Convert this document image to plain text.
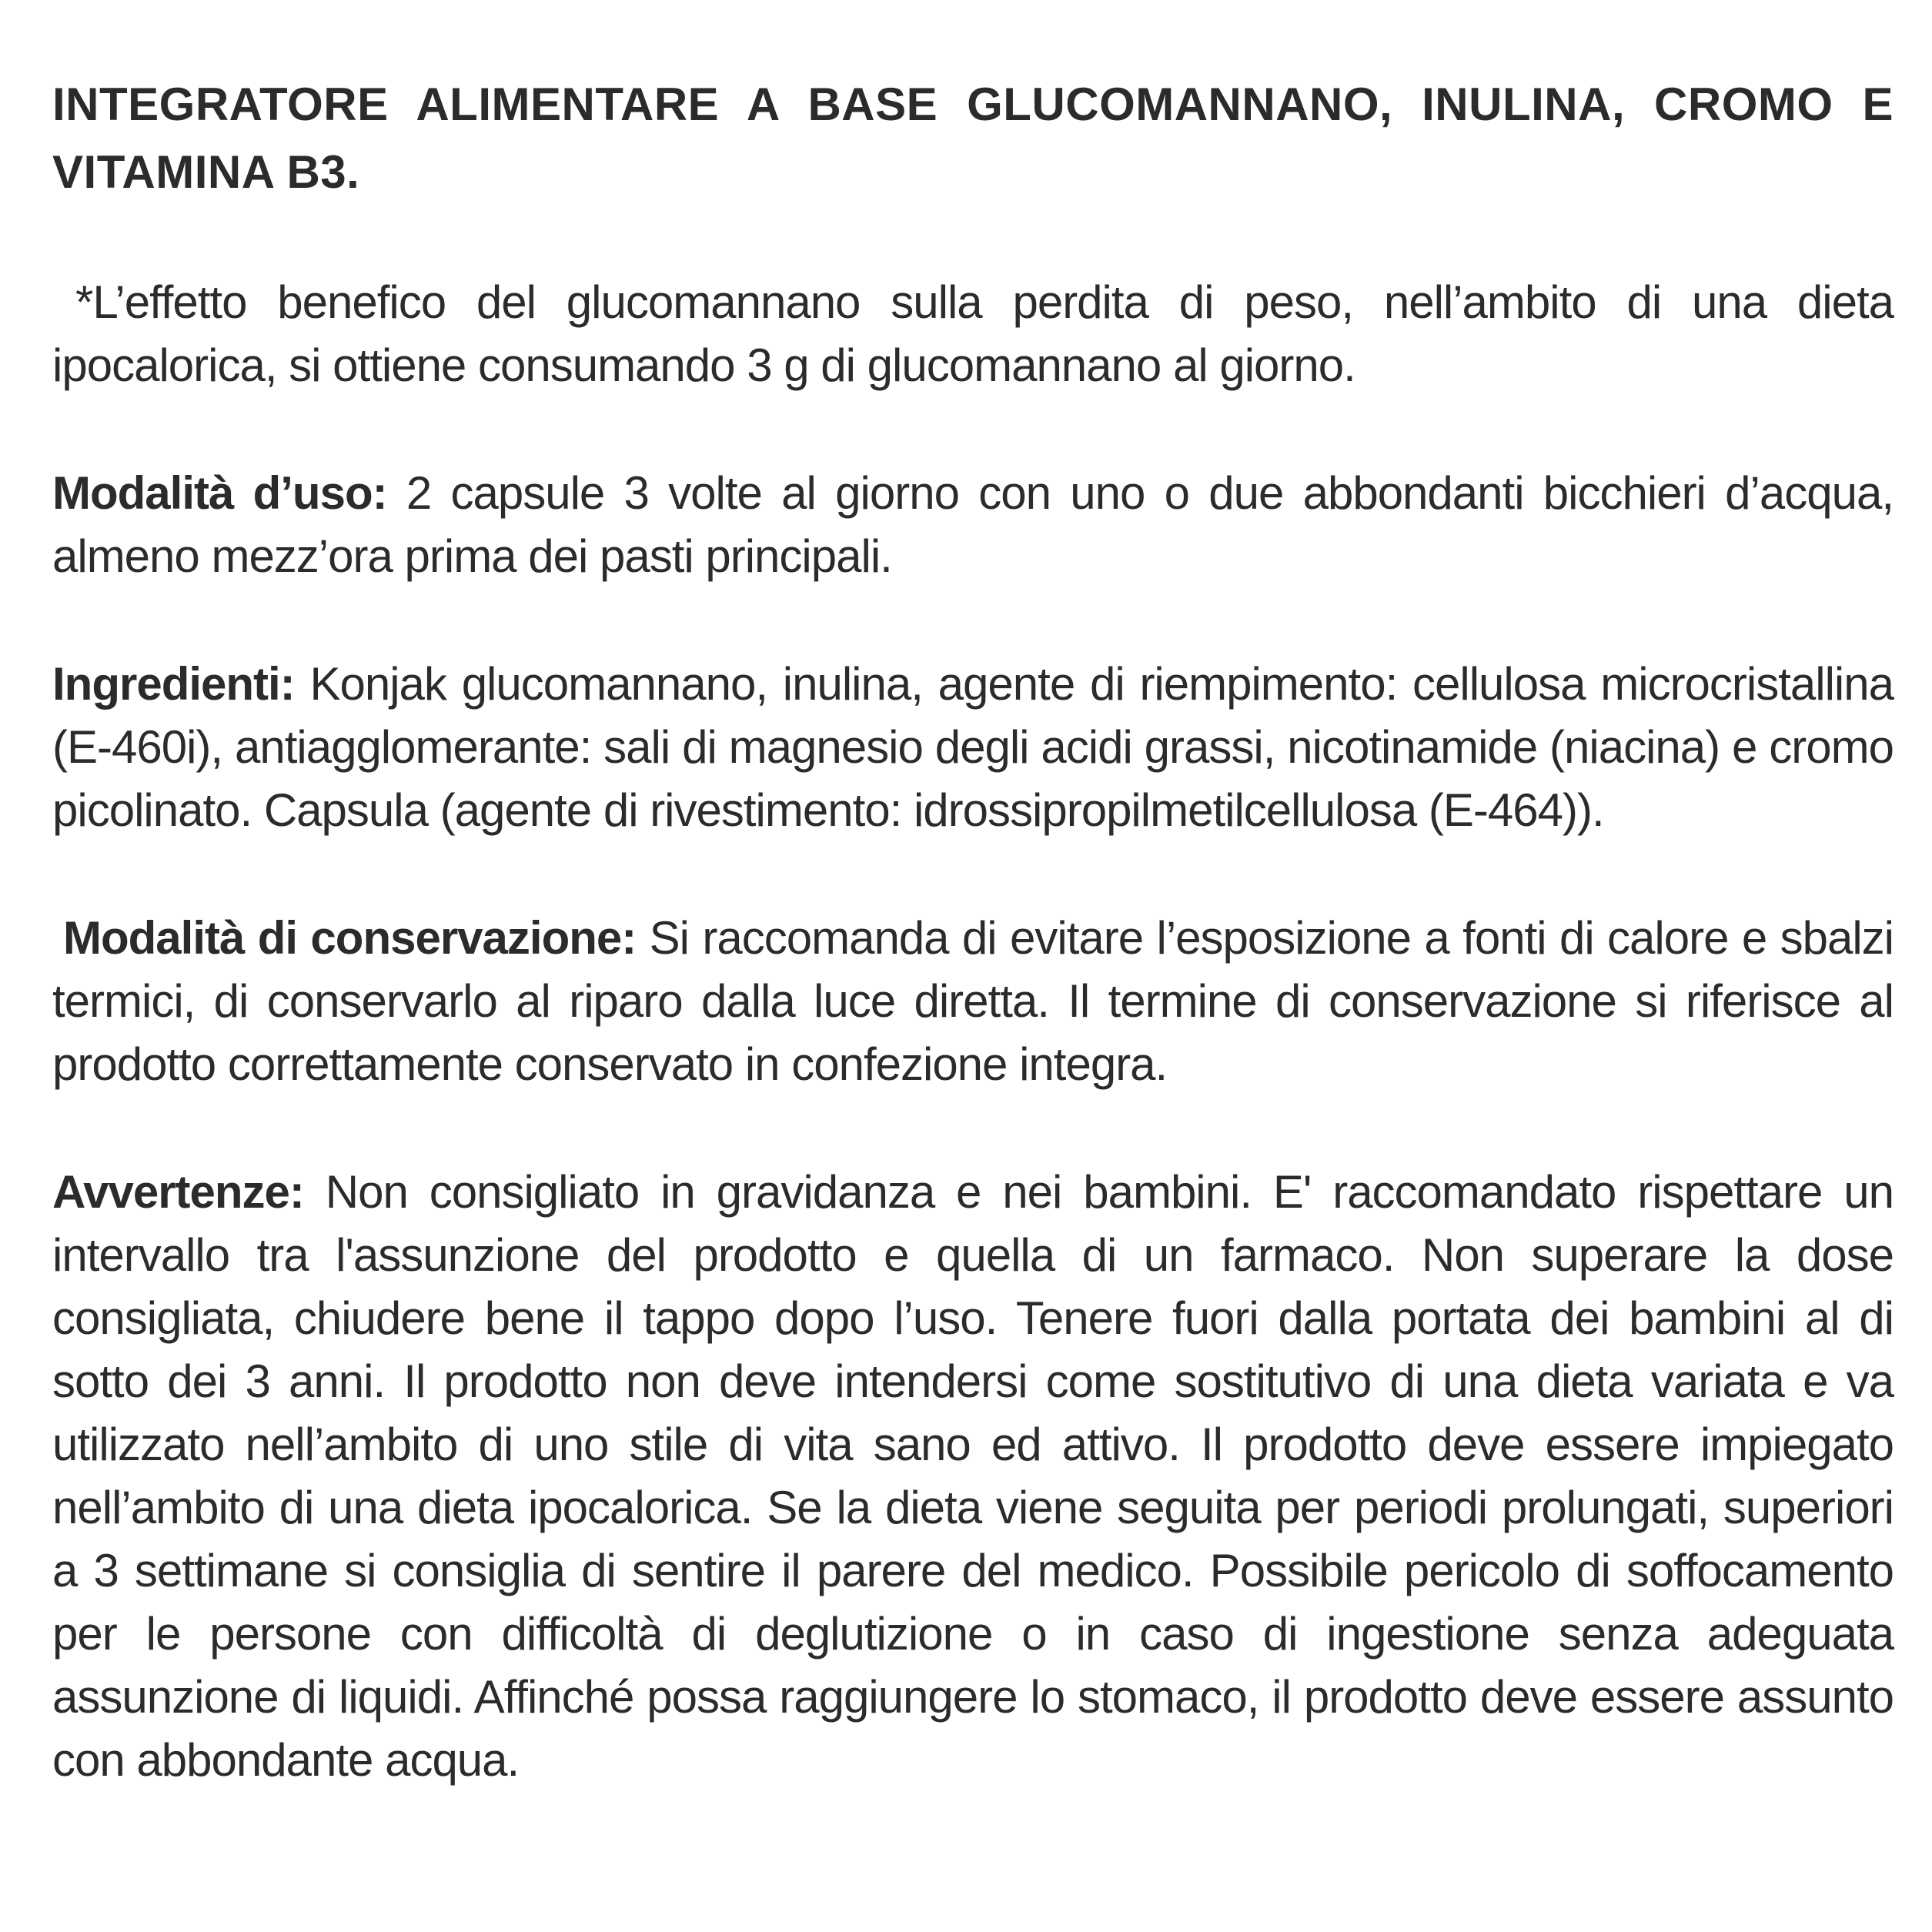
INTEGRATORE ALIMENTARE A BASE GLUCOMANNANO, INULINA, CROMO E VITAMINA B3.

*L’effetto benefico del glucomannano sulla perdita di peso, nell’ambito di una dieta ipocalorica, si ottiene consumando 3 g di glucomannano al giorno.

Modalità d’uso: 2 capsule 3 volte al giorno con uno o due abbondanti bicchieri d’acqua, almeno mezz’ora prima dei pasti principali.

Ingredienti: Konjak glucomannano, inulina, agente di riempimento: cellulosa microcristallina (E-460i), antiagglomerante: sali di magnesio degli acidi grassi, nicotinamide (niacina) e cromo picolinato. Capsula (agente di rivestimento: idrossipropilmetilcellulosa (E-464)).

Modalità di conservazione: Si raccomanda di evitare l’esposizione a fonti di calore e sbalzi termici, di conservarlo al riparo dalla luce diretta. Il termine di conservazione si riferisce al prodotto correttamente conservato in confezione integra.

Avvertenze: Non consigliato in gravidanza e nei bambini. E' raccomandato rispettare un intervallo tra l'assunzione del prodotto e quella di un farmaco. Non superare la dose consigliata, chiudere bene il tappo dopo l’uso. Tenere fuori dalla portata dei bambini al di sotto dei 3 anni. Il prodotto non deve intendersi come sostitutivo di una dieta variata e va utilizzato nell’ambito di uno stile di vita sano ed attivo. Il prodotto deve essere impiegato nell’ambito di una dieta ipocalorica. Se la dieta viene seguita per periodi prolungati, superiori a 3 settimane si consiglia di sentire il parere del medico. Possibile pericolo di soffocamento per le persone con difficoltà di deglutizione o in caso di ingestione senza adeguata assunzione di liquidi. Affinché possa raggiungere lo stomaco, il prodotto deve essere assunto con abbondante acqua.
